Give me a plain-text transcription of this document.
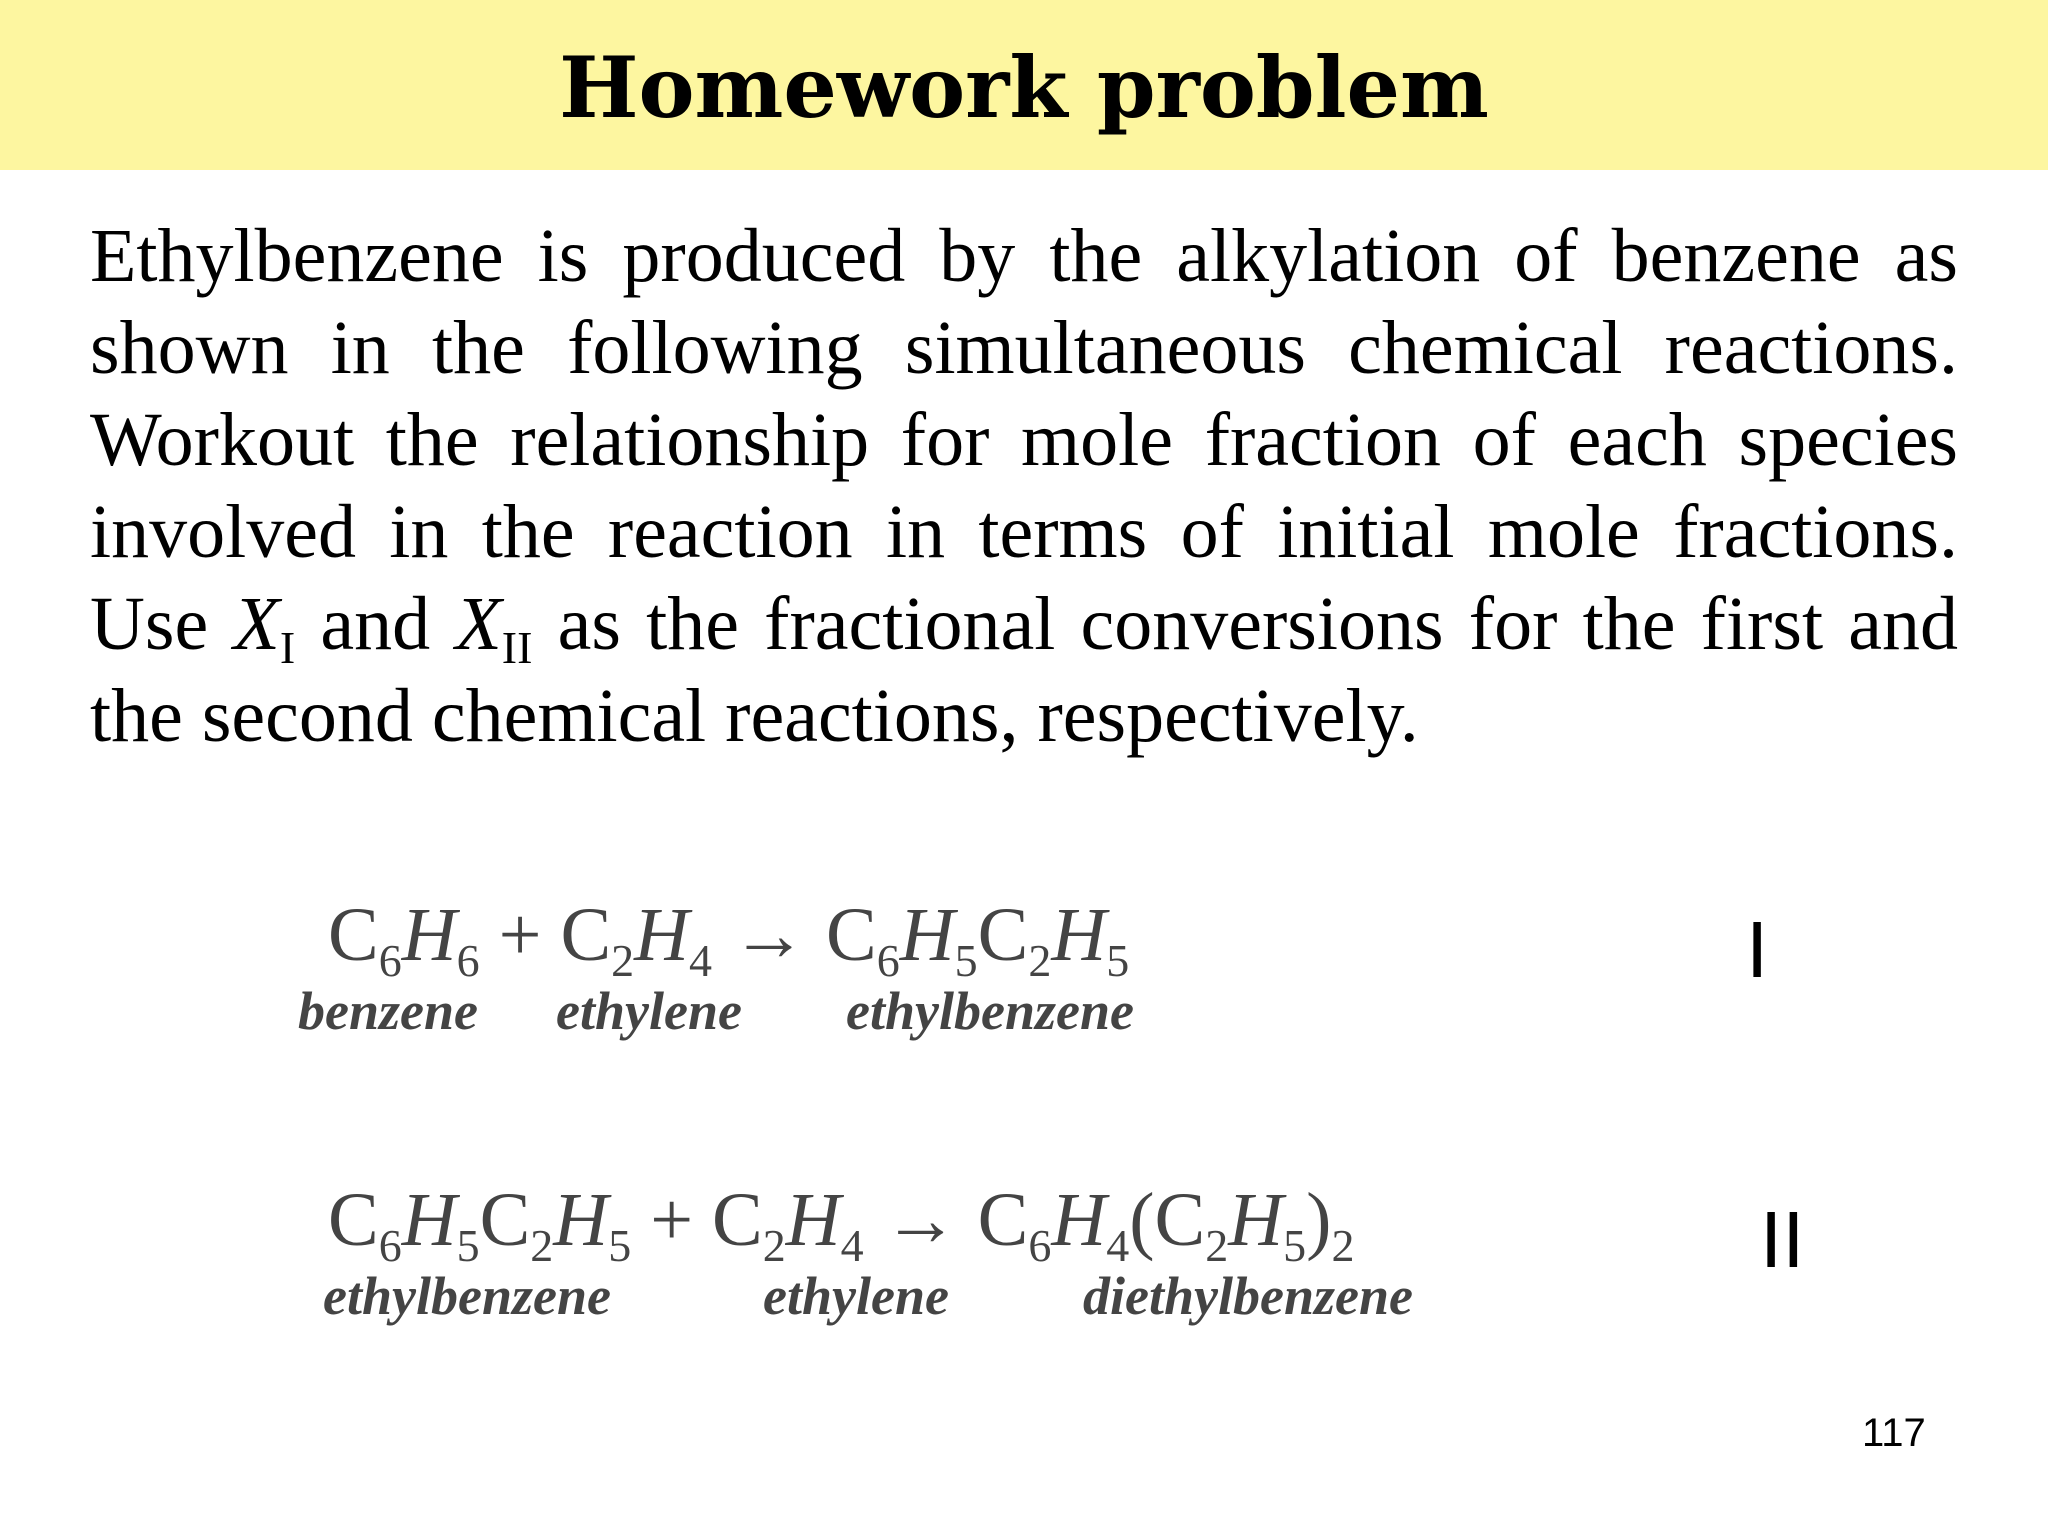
Homework problem

Ethylbenzene is produced by the alkylation of benzene as shown in the following simultaneous chemical reactions. Workout the relationship for mole fraction of each species involved in the reaction in terms of initial mole fractions. Use $X_I$ and $X_{II}$ as the fractional conversions for the first and the second chemical reactions, respectively.

$C_6H_6 + C_2H_4 \to C_6H_5C_2H_5$
benzene ethylene ethylbenzene
I
$C_6H_5C_2H_5 + C_2H_4 \to C_6H_4(C_2H_5)_2$
ethylbenzene	ethylene diethylbenzene
II
117
